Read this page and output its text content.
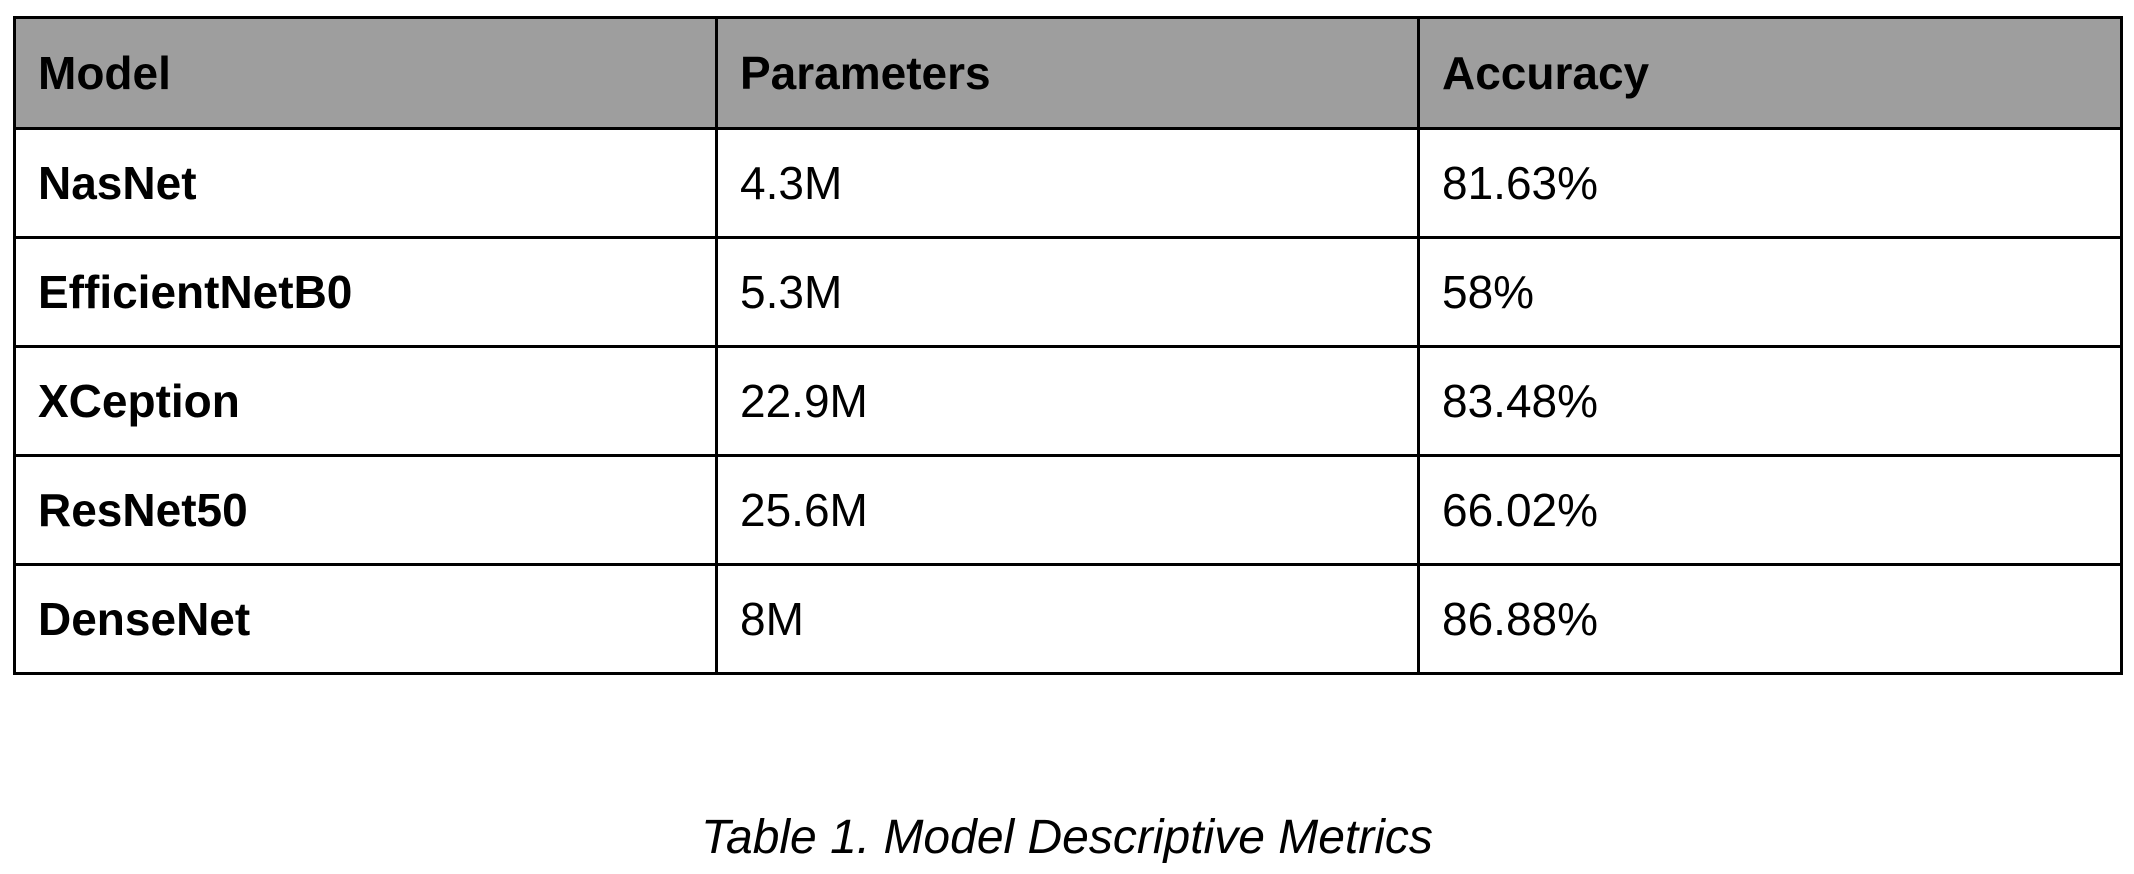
Model	Parameters	Accuracy
NasNet	4.3M	81.63%
EfficientNetB0	5.3M	58%
XCeption	22.9M	83.48%
ResNet50	25.6M	66.02%
DenseNet	8M	86.88%
Table 1. Model Descriptive Metrics
